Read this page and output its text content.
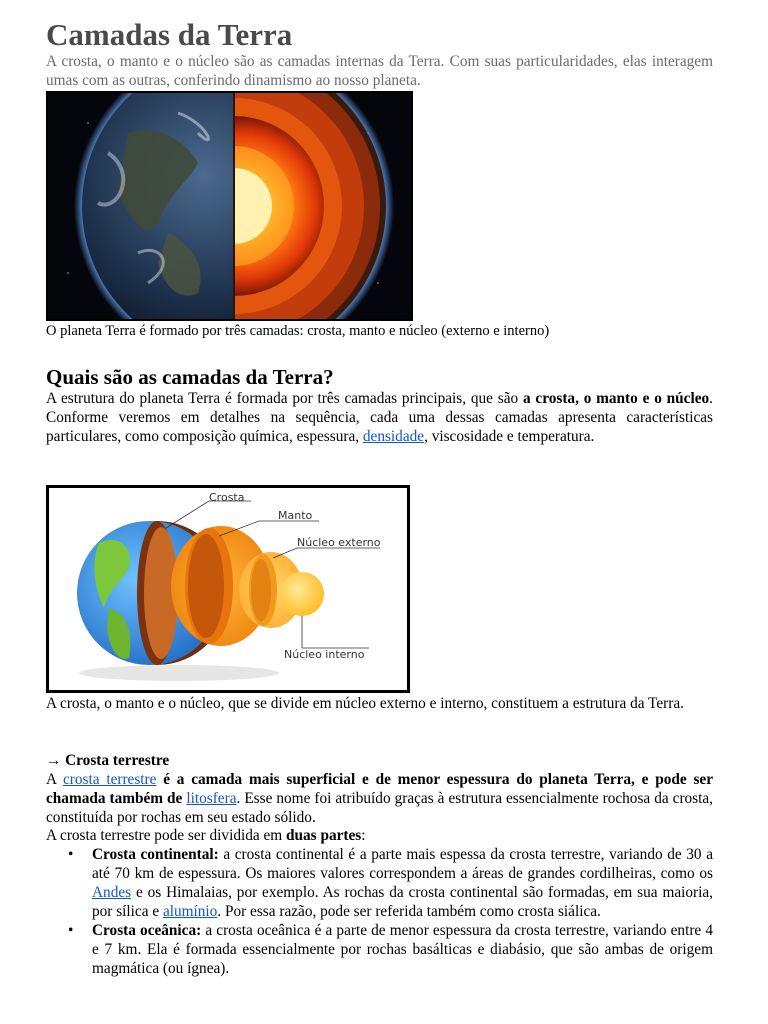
Camadas da Terra

A crosta, o manto e o núcleo são as camadas internas da Terra. Com suas particularidades, elas interagem umas com as outras, conferindo dinamismo ao nosso planeta.

O planeta Terra é formado por três camadas: crosta, manto e núcleo (externo e interno)

Quais são as camadas da Terra?

A estrutura do planeta Terra é formada por três camadas principais, que são a crosta, o manto e o núcleo. Conforme veremos em detalhes na sequência, cada uma dessas camadas apresenta características particulares, como composição química, espessura, densidade, viscosidade e temperatura.

Crosta
Manto
Núcleo externo
Núcleo interno

A crosta, o manto e o núcleo, que se divide em núcleo externo e interno, constituem a estrutura da Terra.

→ Crosta terrestre

A crosta terrestre é a camada mais superficial e de menor espessura do planeta Terra, e pode ser chamada também de litosfera. Esse nome foi atribuído graças à estrutura essencialmente rochosa da crosta, constituída por rochas em seu estado sólido.

A crosta terrestre pode ser dividida em duas partes:

• Crosta continental: a crosta continental é a parte mais espessa da crosta terrestre, variando de 30 a até 70 km de espessura. Os maiores valores correspondem a áreas de grandes cordilheiras, como os Andes e os Himalaias, por exemplo. As rochas da crosta continental são formadas, em sua maioria, por sílica e alumínio. Por essa razão, pode ser referida também como crosta siálica.
• Crosta oceânica: a crosta oceânica é a parte de menor espessura da crosta terrestre, variando entre 4 e 7 km. Ela é formada essencialmente por rochas basálticas e diabásio, que são ambas de origem magmática (ou ígnea).
